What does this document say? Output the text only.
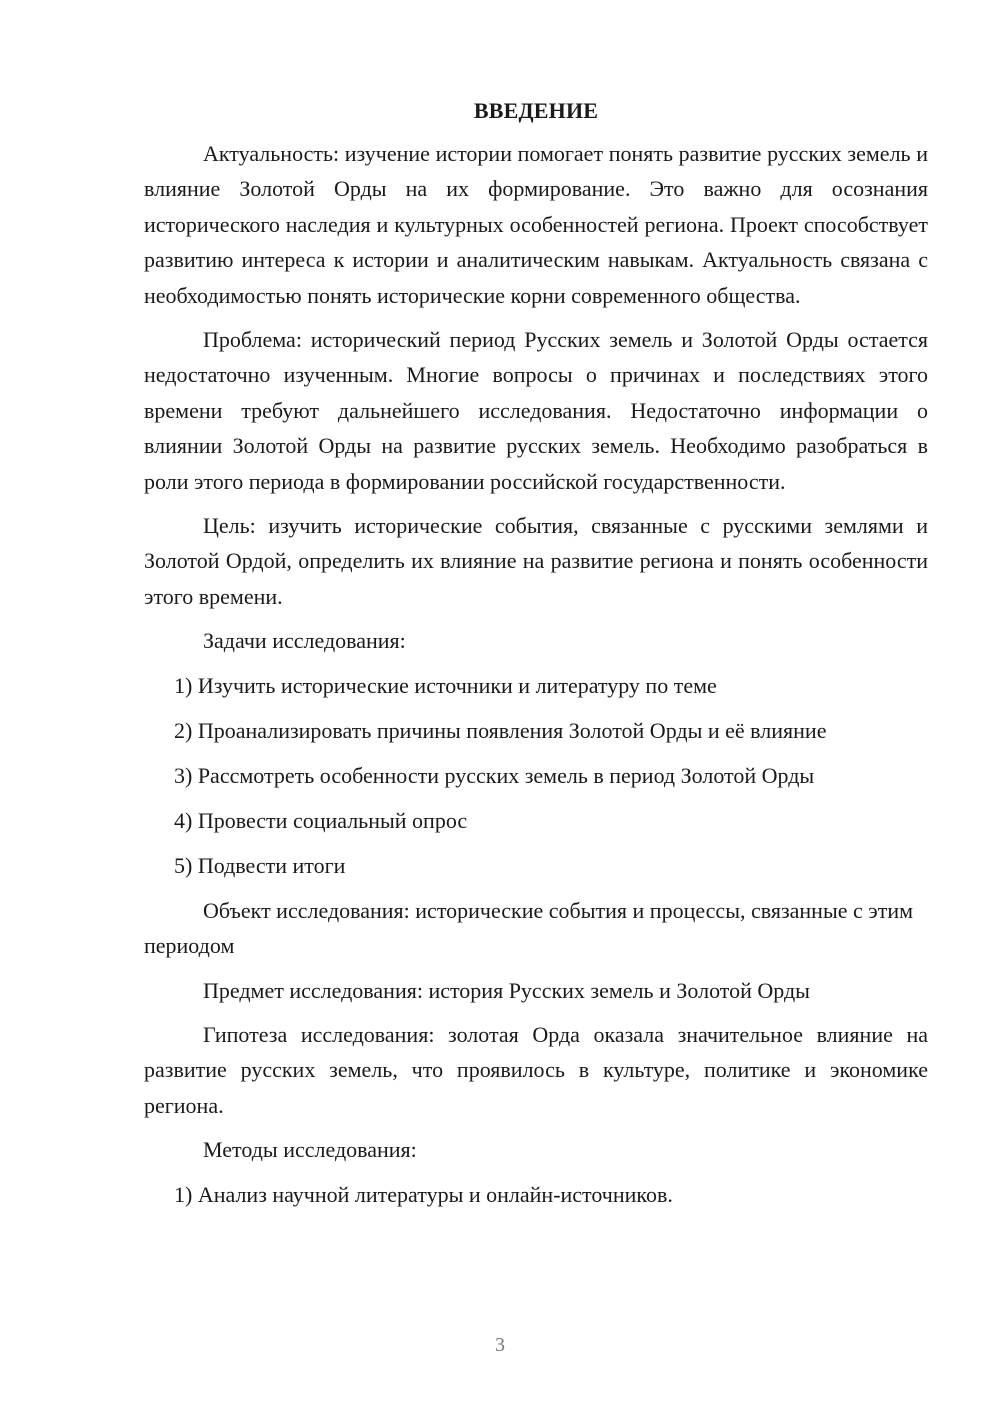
ВВЕДЕНИЕ

Актуальность: изучение истории помогает понять развитие русских земель и влияние Золотой Орды на их формирование. Это важно для осознания исторического наследия и культурных особенностей региона. Проект способствует развитию интереса к истории и аналитическим навыкам. Актуальность связана с необходимостью понять исторические корни современного общества.

Проблема: исторический период Русских земель и Золотой Орды остается недостаточно изученным. Многие вопросы о причинах и последствиях этого времени требуют дальнейшего исследования. Недостаточно информации о влиянии Золотой Орды на развитие русских земель. Необходимо разобраться в роли этого периода в формировании российской государственности.

Цель: изучить исторические события, связанные с русскими землями и Золотой Ордой, определить их влияние на развитие региона и понять особенности этого времени.

Задачи исследования:

1) Изучить исторические источники и литературу по теме
2) Проанализировать причины появления Золотой Орды и её влияние
3) Рассмотреть особенности русских земель в период Золотой Орды
4) Провести социальный опрос
5) Подвести итоги

Объект исследования: исторические события и процессы, связанные с этим периодом

Предмет исследования: история Русских земель и Золотой Орды

Гипотеза исследования: золотая Орда оказала значительное влияние на развитие русских земель, что проявилось в культуре, политике и экономике региона.

Методы исследования:

1) Анализ научной литературы и онлайн-источников.
3
